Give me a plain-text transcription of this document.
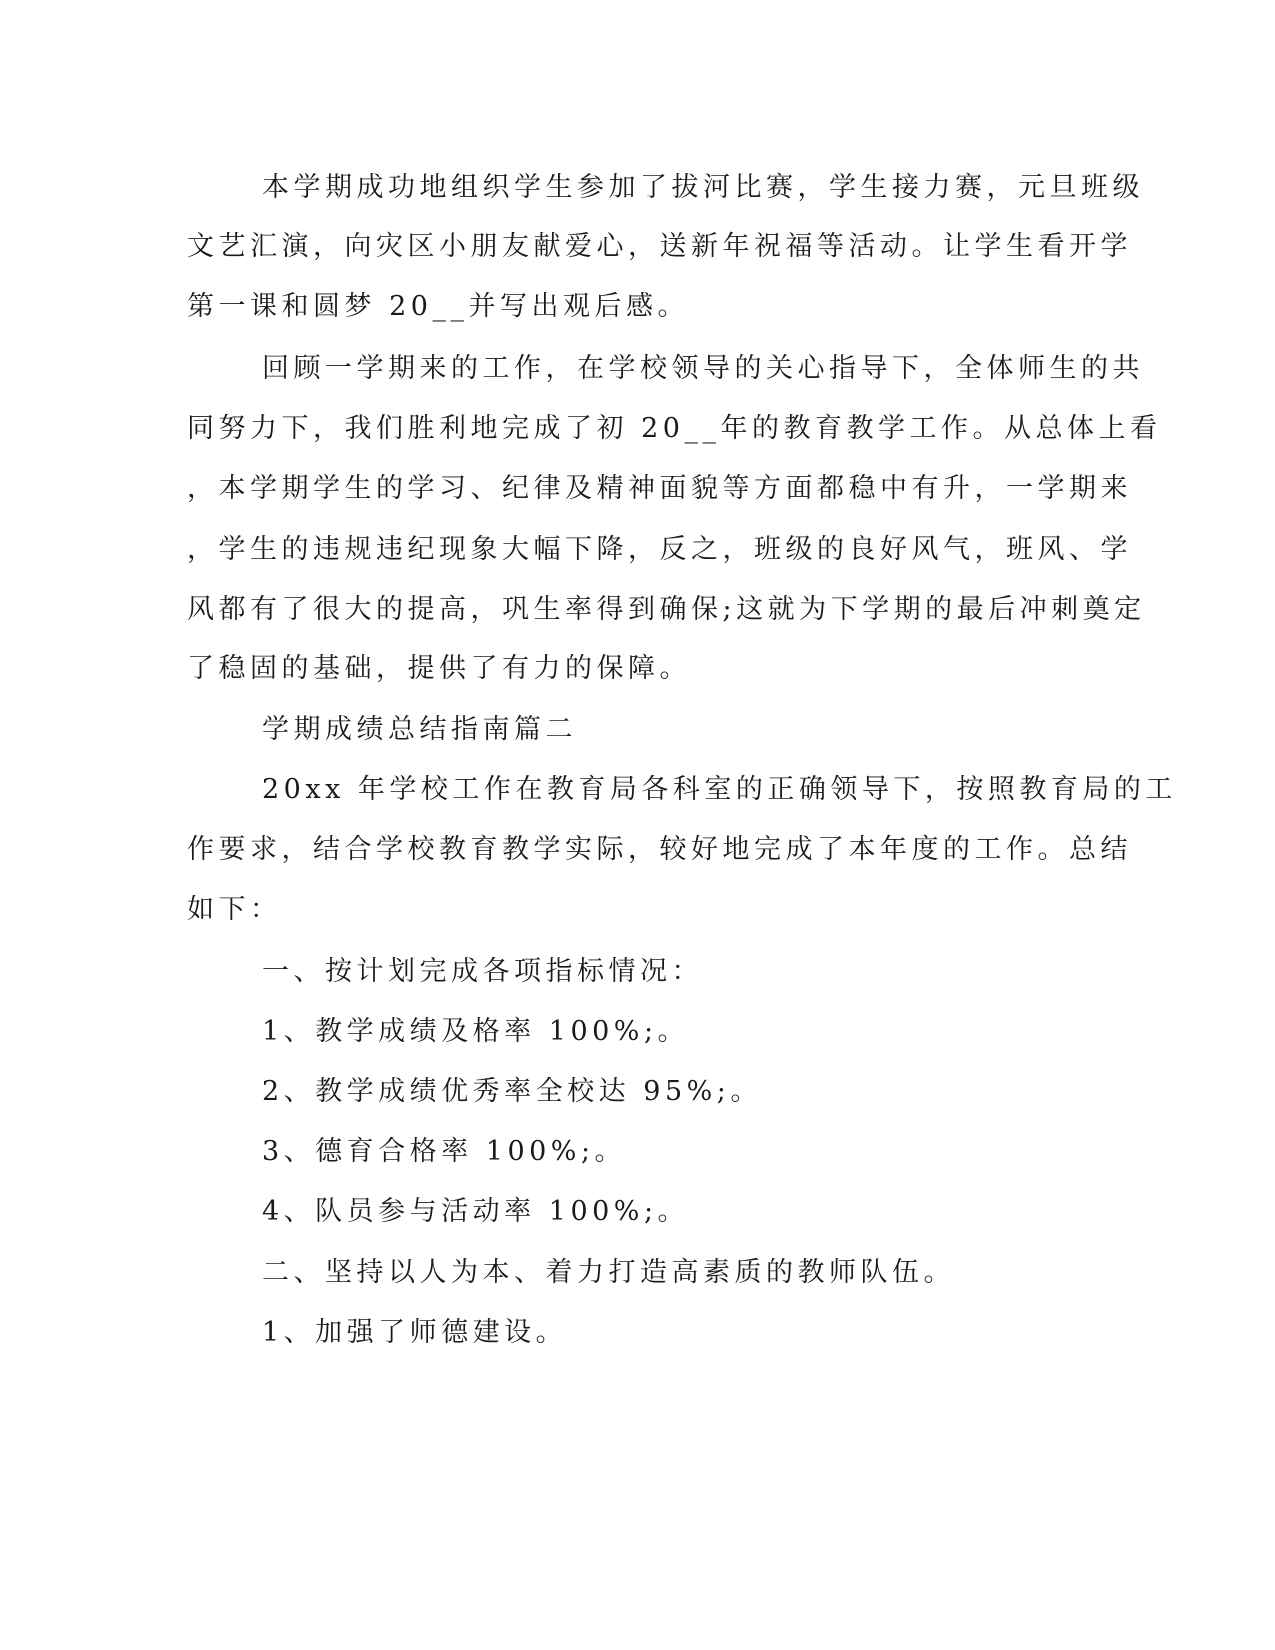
本学期成功地组织学生参加了拔河比赛，学生接力赛，元旦班级
文艺汇演，向灾区小朋友献爱心，送新年祝福等活动。让学生看开学
第一课和圆梦 20__并写出观后感。
回顾一学期来的工作，在学校领导的关心指导下，全体师生的共
同努力下，我们胜利地完成了初 20__年的教育教学工作。从总体上看
，本学期学生的学习、纪律及精神面貌等方面都稳中有升，一学期来
，学生的违规违纪现象大幅下降，反之，班级的良好风气，班风、学
风都有了很大的提高，巩生率得到确保;这就为下学期的最后冲刺奠定
了稳固的基础，提供了有力的保障。
学期成绩总结指南篇二
20xx 年学校工作在教育局各科室的正确领导下，按照教育局的工
作要求，结合学校教育教学实际，较好地完成了本年度的工作。总结
如下：
一、按计划完成各项指标情况：
1、教学成绩及格率 100%;。
2、教学成绩优秀率全校达 95%;。
3、德育合格率 100%;。
4、队员参与活动率 100%;。
二、坚持以人为本、着力打造高素质的教师队伍。
1、加强了师德建设。
